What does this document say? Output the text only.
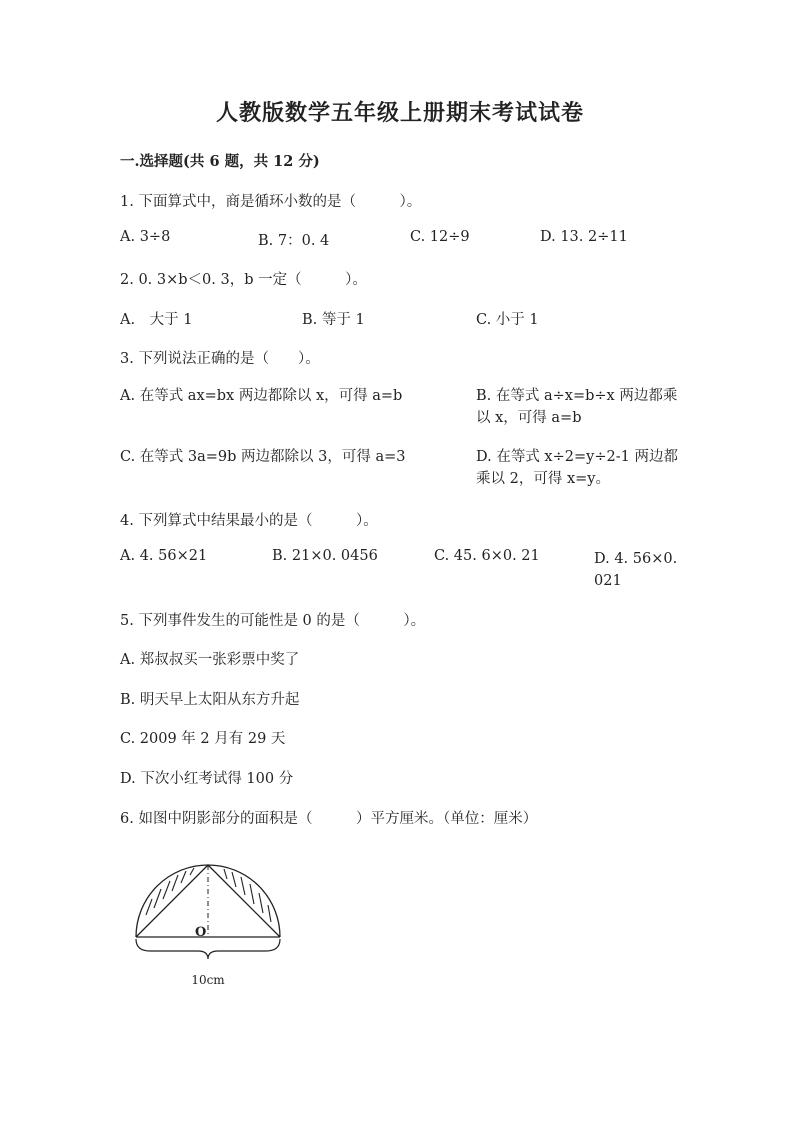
人教版数学五年级上册期末考试试卷
一.选择题(共 6 题，共 12 分)
1. 下面算式中，商是循环小数的是（　　　）。
A. 3÷8	B. 7：0. 4	C. 12÷9	D. 13. 2÷11
2. 0. 3×b＜0. 3，b 一定（　　　）。
A.　大于 1	B. 等于 1	C. 小于 1
3. 下列说法正确的是（　　）。
A. 在等式 ax=bx 两边都除以 x，可得 a=b	B. 在等式 a÷x=b÷x 两边都乘以 x，可得 a=b
C. 在等式 3a=9b 两边都除以 3，可得 a=3	D. 在等式 x÷2=y÷2-1 两边都乘以 2，可得 x=y。
4. 下列算式中结果最小的是（　　　）。
A. 4. 56×21	B. 21×0. 0456	C. 45. 6×0. 21	D. 4. 56×0. 021
5. 下列事件发生的可能性是 0 的是（　　　）。
A. 郑叔叔买一张彩票中奖了
B. 明天早上太阳从东方升起
C. 2009 年 2 月有 29 天
D. 下次小红考试得 100 分
6. 如图中阴影部分的面积是（　　　）平方厘米。（单位：厘米）
O
10cm
